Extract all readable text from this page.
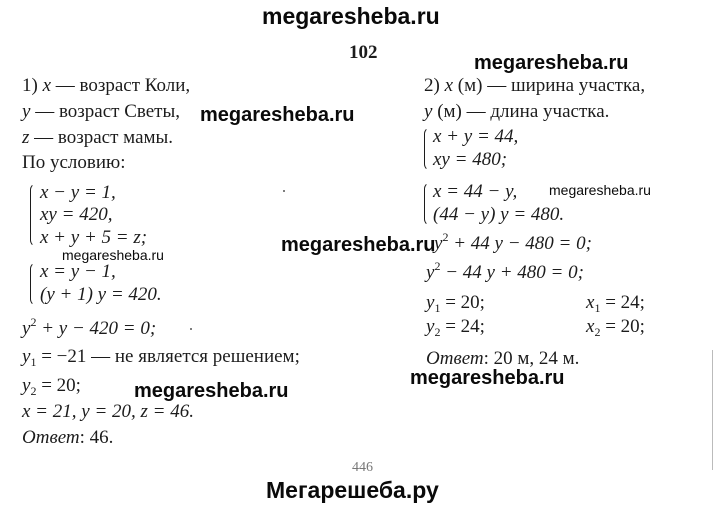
megaresheba.ru
102	megaresheba.ru
1) x — возраст Коли,
y — возраст Светы, megaresheba.ru
z — возраст мамы.
По условию:
x − y = 1,
xy = 420,
x + y + 5 = z;
megaresheba.ru
x = y − 1,
(y + 1) y = 420.
$y^2 + y - 420 = 0$;
$y_1 = -21$ — не является решением;
$y_2 = 20$;	megaresheba.ru
x = 21, y = 20, z = 46.
Ответ: 46.
megaresheba.ru
2) x (м) — ширина участка,
y (м) — длина участка.
x + y = 44,
xy = 480;
x = 44 − y, megaresheba.ru
(44 − y) y = 480.
$y^2 + 44$ y − 480 = 0;
$y^2 - 44$ y + 480 = 0;
$y_1 = 20$;	$x_1 = 24$;
$y_2 = 24$;	$x_2 = 20$;
Ответ: 20 м, 24 м.
megaresheba.ru
446
Мегарешеба.ру
